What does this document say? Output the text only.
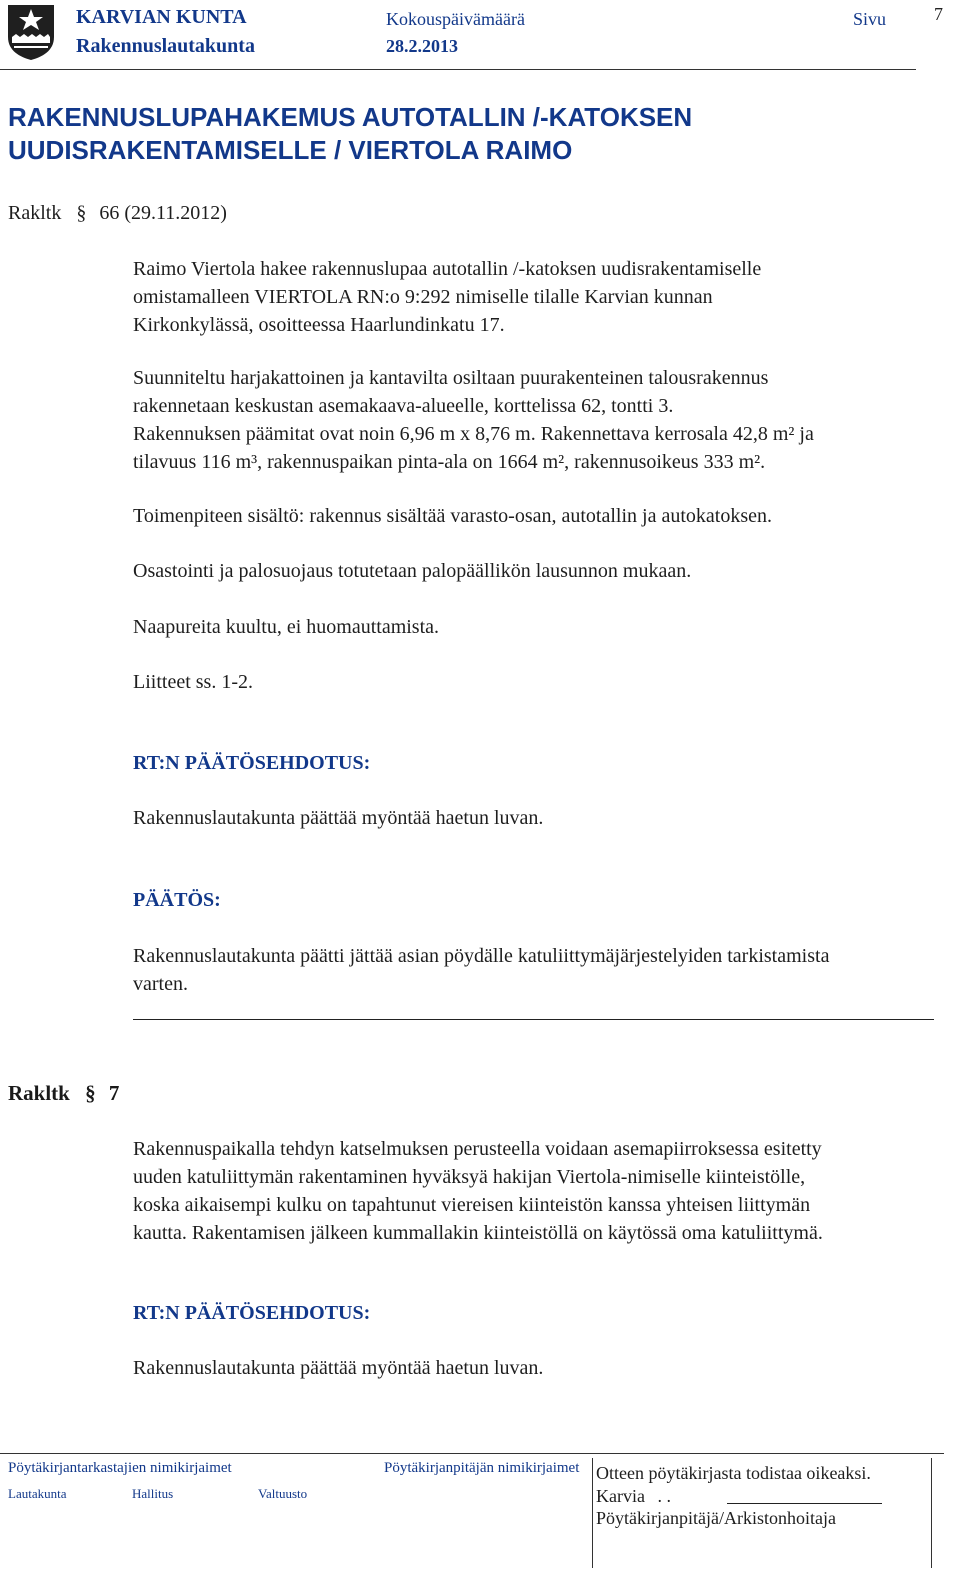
KARVIAN KUNTA
Rakennuslautakunta
Kokouspäivämäärä
28.2.2013
Sivu	7
RAKENNUSLUPAHAKEMUS AUTOTALLIN /-KATOKSEN
UUDISRAKENTAMISELLE / VIERTOLA RAIMO
Rakltk § 66 (29.11.2012)
Raimo Viertola hakee rakennuslupaa autotallin /-katoksen uudisrakentamiselle
omistamalleen VIERTOLA RN:o 9:292 nimiselle tilalle Karvian kunnan
Kirkonkylässä, osoitteessa Haarlundinkatu 17.
Suunniteltu harjakattoinen ja kantavilta osiltaan puurakenteinen talousrakennus
rakennetaan keskustan asemakaava-alueelle, korttelissa 62, tontti 3.
Rakennuksen päämitat ovat noin 6,96 m x 8,76 m. Rakennettava kerrosala 42,8 m² ja
tilavuus 116 m³, rakennuspaikan pinta-ala on 1664 m², rakennusoikeus 333 m².
Toimenpiteen sisältö: rakennus sisältää varasto-osan, autotallin ja autokatoksen.
Osastointi ja palosuojaus totutetaan palopäällikön lausunnon mukaan.
Naapureita kuultu, ei huomauttamista.
Liitteet ss. 1-2.
RT:N PÄÄTÖSEHDOTUS:
Rakennuslautakunta päättää myöntää haetun luvan.
PÄÄTÖS:
Rakennuslautakunta päätti jättää asian pöydälle katuliittymäjärjestelyiden tarkistamista
varten.
Rakltk § 7
Rakennuspaikalla tehdyn katselmuksen perusteella voidaan asemapiirroksessa esitetty
uuden katuliittymän rakentaminen hyväksyä hakijan Viertola-nimiselle kiinteistölle,
koska aikaisempi kulku on tapahtunut viereisen kiinteistön kanssa yhteisen liittymän
kautta. Rakentamisen jälkeen kummallakin kiinteistöllä on käytössä oma katuliittymä.
RT:N PÄÄTÖSEHDOTUS:
Rakennuslautakunta päättää myöntää haetun luvan.
Pöytäkirjantarkastajien nimikirjaimet	Pöytäkirjanpitäjän nimikirjaimet
Lautakunta	Hallitus	Valtuusto
Otteen pöytäkirjasta todistaa oikeaksi.
Karvia . .
Pöytäkirjanpitäjä/Arkistonhoitaja
